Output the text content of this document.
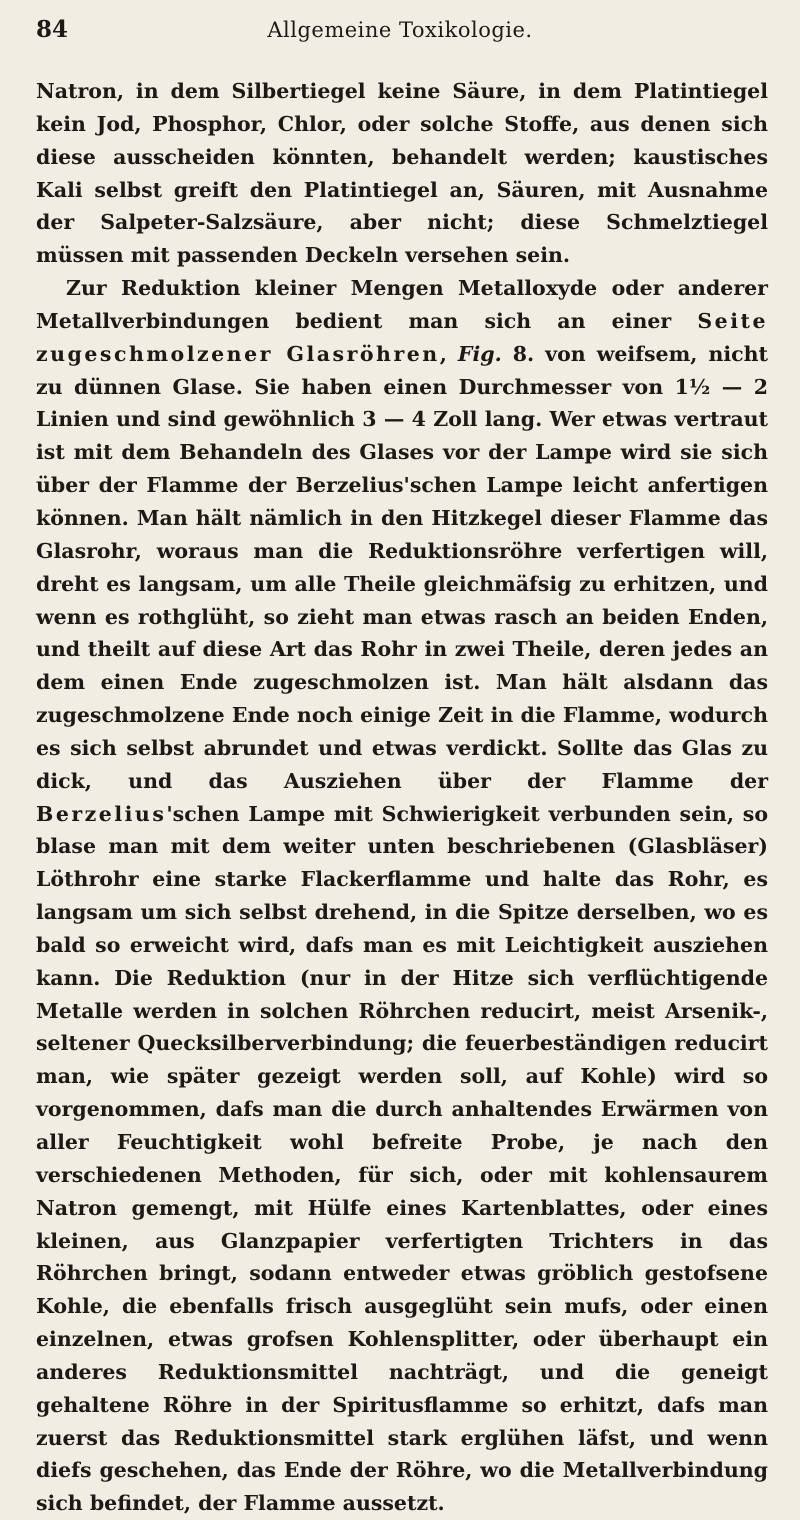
84	Allgemeine Toxikologie.

Natron, in dem Silbertiegel keine Säure, in dem Platintiegel kein Jod, Phosphor, Chlor, oder solche Stoffe, aus denen sich diese ausscheiden könnten, behandelt werden; kaustisches Kali selbst greift den Platintiegel an, Säuren, mit Ausnahme der Salpeter-Salzsäure, aber nicht; diese Schmelztiegel müssen mit passenden Deckeln versehen sein.

Zur Reduktion kleiner Mengen Metalloxyde oder anderer Metallverbindungen bedient man sich an einer Seite zugeschmolzener Glasröhren, Fig. 8. von weifsem, nicht zu dünnen Glase. Sie haben einen Durchmesser von 1½ — 2 Linien und sind gewöhnlich 3 — 4 Zoll lang. Wer etwas vertraut ist mit dem Behandeln des Glases vor der Lampe wird sie sich über der Flamme der Berzelius'schen Lampe leicht anfertigen können. Man hält nämlich in den Hitzkegel dieser Flamme das Glasrohr, woraus man die Reduktionsröhre verfertigen will, dreht es langsam, um alle Theile gleichmäfsig zu erhitzen, und wenn es rothglüht, so zieht man etwas rasch an beiden Enden, und theilt auf diese Art das Rohr in zwei Theile, deren jedes an dem einen Ende zugeschmolzen ist. Man hält alsdann das zugeschmolzene Ende noch einige Zeit in die Flamme, wodurch es sich selbst abrundet und etwas verdickt. Sollte das Glas zu dick, und das Ausziehen über der Flamme der Berzelius'schen Lampe mit Schwierigkeit verbunden sein, so blase man mit dem weiter unten beschriebenen (Glasbläser) Löthrohr eine starke Flackerflamme und halte das Rohr, es langsam um sich selbst drehend, in die Spitze derselben, wo es bald so erweicht wird, dafs man es mit Leichtigkeit ausziehen kann. Die Reduktion (nur in der Hitze sich verflüchtigende Metalle werden in solchen Röhrchen reducirt, meist Arsenik-, seltener Quecksilberverbindung; die feuerbeständigen reducirt man, wie später gezeigt werden soll, auf Kohle) wird so vorgenommen, dafs man die durch anhaltendes Erwärmen von aller Feuchtigkeit wohl befreite Probe, je nach den verschiedenen Methoden, für sich, oder mit kohlensaurem Natron gemengt, mit Hülfe eines Kartenblattes, oder eines kleinen, aus Glanzpapier verfertigten Trichters in das Röhrchen bringt, sodann entweder etwas gröblich gestofsene Kohle, die ebenfalls frisch ausgeglüht sein mufs, oder einen einzelnen, etwas grofsen Kohlensplitter, oder überhaupt ein anderes Reduktionsmittel nachträgt, und die geneigt gehaltene Röhre in der Spiritusflamme so erhitzt, dafs man zuerst das Reduktionsmittel stark erglühen läfst, und wenn diefs geschehen, das Ende der Röhre, wo die Metallverbindung sich befindet, der Flamme aussetzt.
